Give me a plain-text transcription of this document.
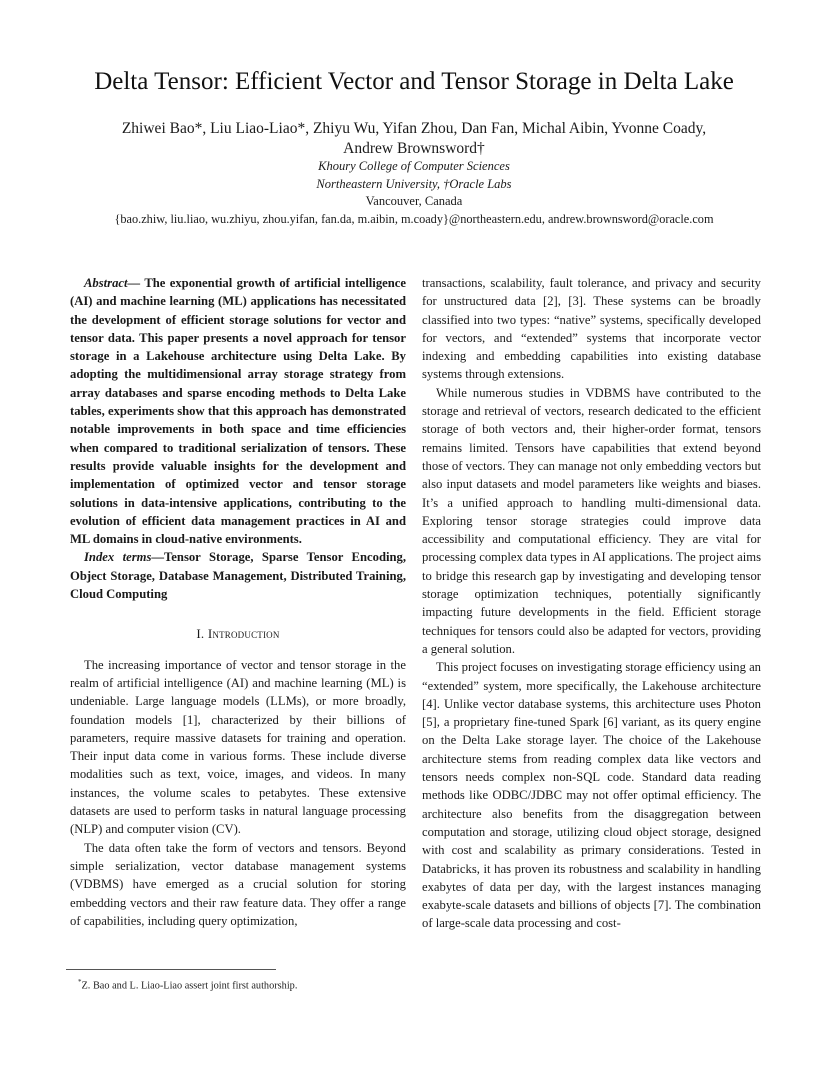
Delta Tensor: Efficient Vector and Tensor Storage in Delta Lake
Zhiwei Bao*, Liu Liao-Liao*, Zhiyu Wu, Yifan Zhou, Dan Fan, Michal Aibin, Yvonne Coady,
Andrew Brownsword†
Khoury College of Computer Sciences
Northeastern University, †Oracle Labs
Vancouver, Canada
{bao.zhiw, liu.liao, wu.zhiyu, zhou.yifan, fan.da, m.aibin, m.coady}@northeastern.edu, andrew.brownsword@oracle.com

Abstract— The exponential growth of artificial intelligence (AI) and machine learning (ML) applications has necessitated the development of efficient storage solutions for vector and tensor data. This paper presents a novel approach for tensor storage in a Lakehouse architecture using Delta Lake. By adopting the multidimensional array storage strategy from array databases and sparse encoding methods to Delta Lake tables, experiments show that this approach has demonstrated notable improvements in both space and time efficiencies when compared to traditional serialization of tensors. These results provide valuable insights for the development and implementation of optimized vector and tensor storage solutions in data-intensive applications, contributing to the evolution of efficient data management practices in AI and ML domains in cloud-native environments.

Index terms—Tensor Storage, Sparse Tensor Encoding, Object Storage, Database Management, Distributed Training, Cloud Computing

I. Introduction

The increasing importance of vector and tensor storage in the realm of artificial intelligence (AI) and machine learning (ML) is undeniable. Large language models (LLMs), or more broadly, foundation models [1], characterized by their billions of parameters, require massive datasets for training and operation. Their input data come in various forms. These include diverse modalities such as text, voice, images, and videos. In many instances, the volume scales to petabytes. These extensive datasets are used to perform tasks in natural language processing (NLP) and computer vision (CV).

The data often take the form of vectors and tensors. Beyond simple serialization, vector database management systems (VDBMS) have emerged as a crucial solution for storing embedding vectors and their raw feature data. They offer a range of capabilities, including query optimization,

transactions, scalability, fault tolerance, and privacy and security for unstructured data [2], [3]. These systems can be broadly classified into two types: “native” systems, specifically developed for vectors, and “extended” systems that incorporate vector indexing and embedding capabilities into existing database systems through extensions.

While numerous studies in VDBMS have contributed to the storage and retrieval of vectors, research dedicated to the efficient storage of both vectors and, their higher-order format, tensors remains limited. Tensors have capabilities that extend beyond those of vectors. They can manage not only embedding vectors but also input datasets and model parameters like weights and biases. It’s a unified approach to handling multi-dimensional data. Exploring tensor storage strategies could improve data accessibility and computational efficiency. They are vital for processing complex data types in AI applications. The project aims to bridge this research gap by investigating and developing tensor storage optimization techniques, potentially significantly impacting future developments in the field. Efficient storage techniques for tensors could also be adapted for vectors, providing a general solution.

This project focuses on investigating storage efficiency using an “extended” system, more specifically, the Lakehouse architecture [4]. Unlike vector database systems, this architecture uses Photon [5], a proprietary fine-tuned Spark [6] variant, as its query engine on the Delta Lake storage layer. The choice of the Lakehouse architecture stems from reading complex data like vectors and tensors needs complex non-SQL code. Standard data reading methods like ODBC/JDBC may not offer optimal efficiency. The architecture also benefits from the disaggregation between computation and storage, utilizing cloud object storage, designed with cost and scalability as primary considerations. Tested in Databricks, it has proven its robustness and scalability in handling exabytes of data per day, with the largest instances managing exabyte-scale datasets and billions of objects [7]. The combination of large-scale data processing and cost-

*Z. Bao and L. Liao-Liao assert joint first authorship.
